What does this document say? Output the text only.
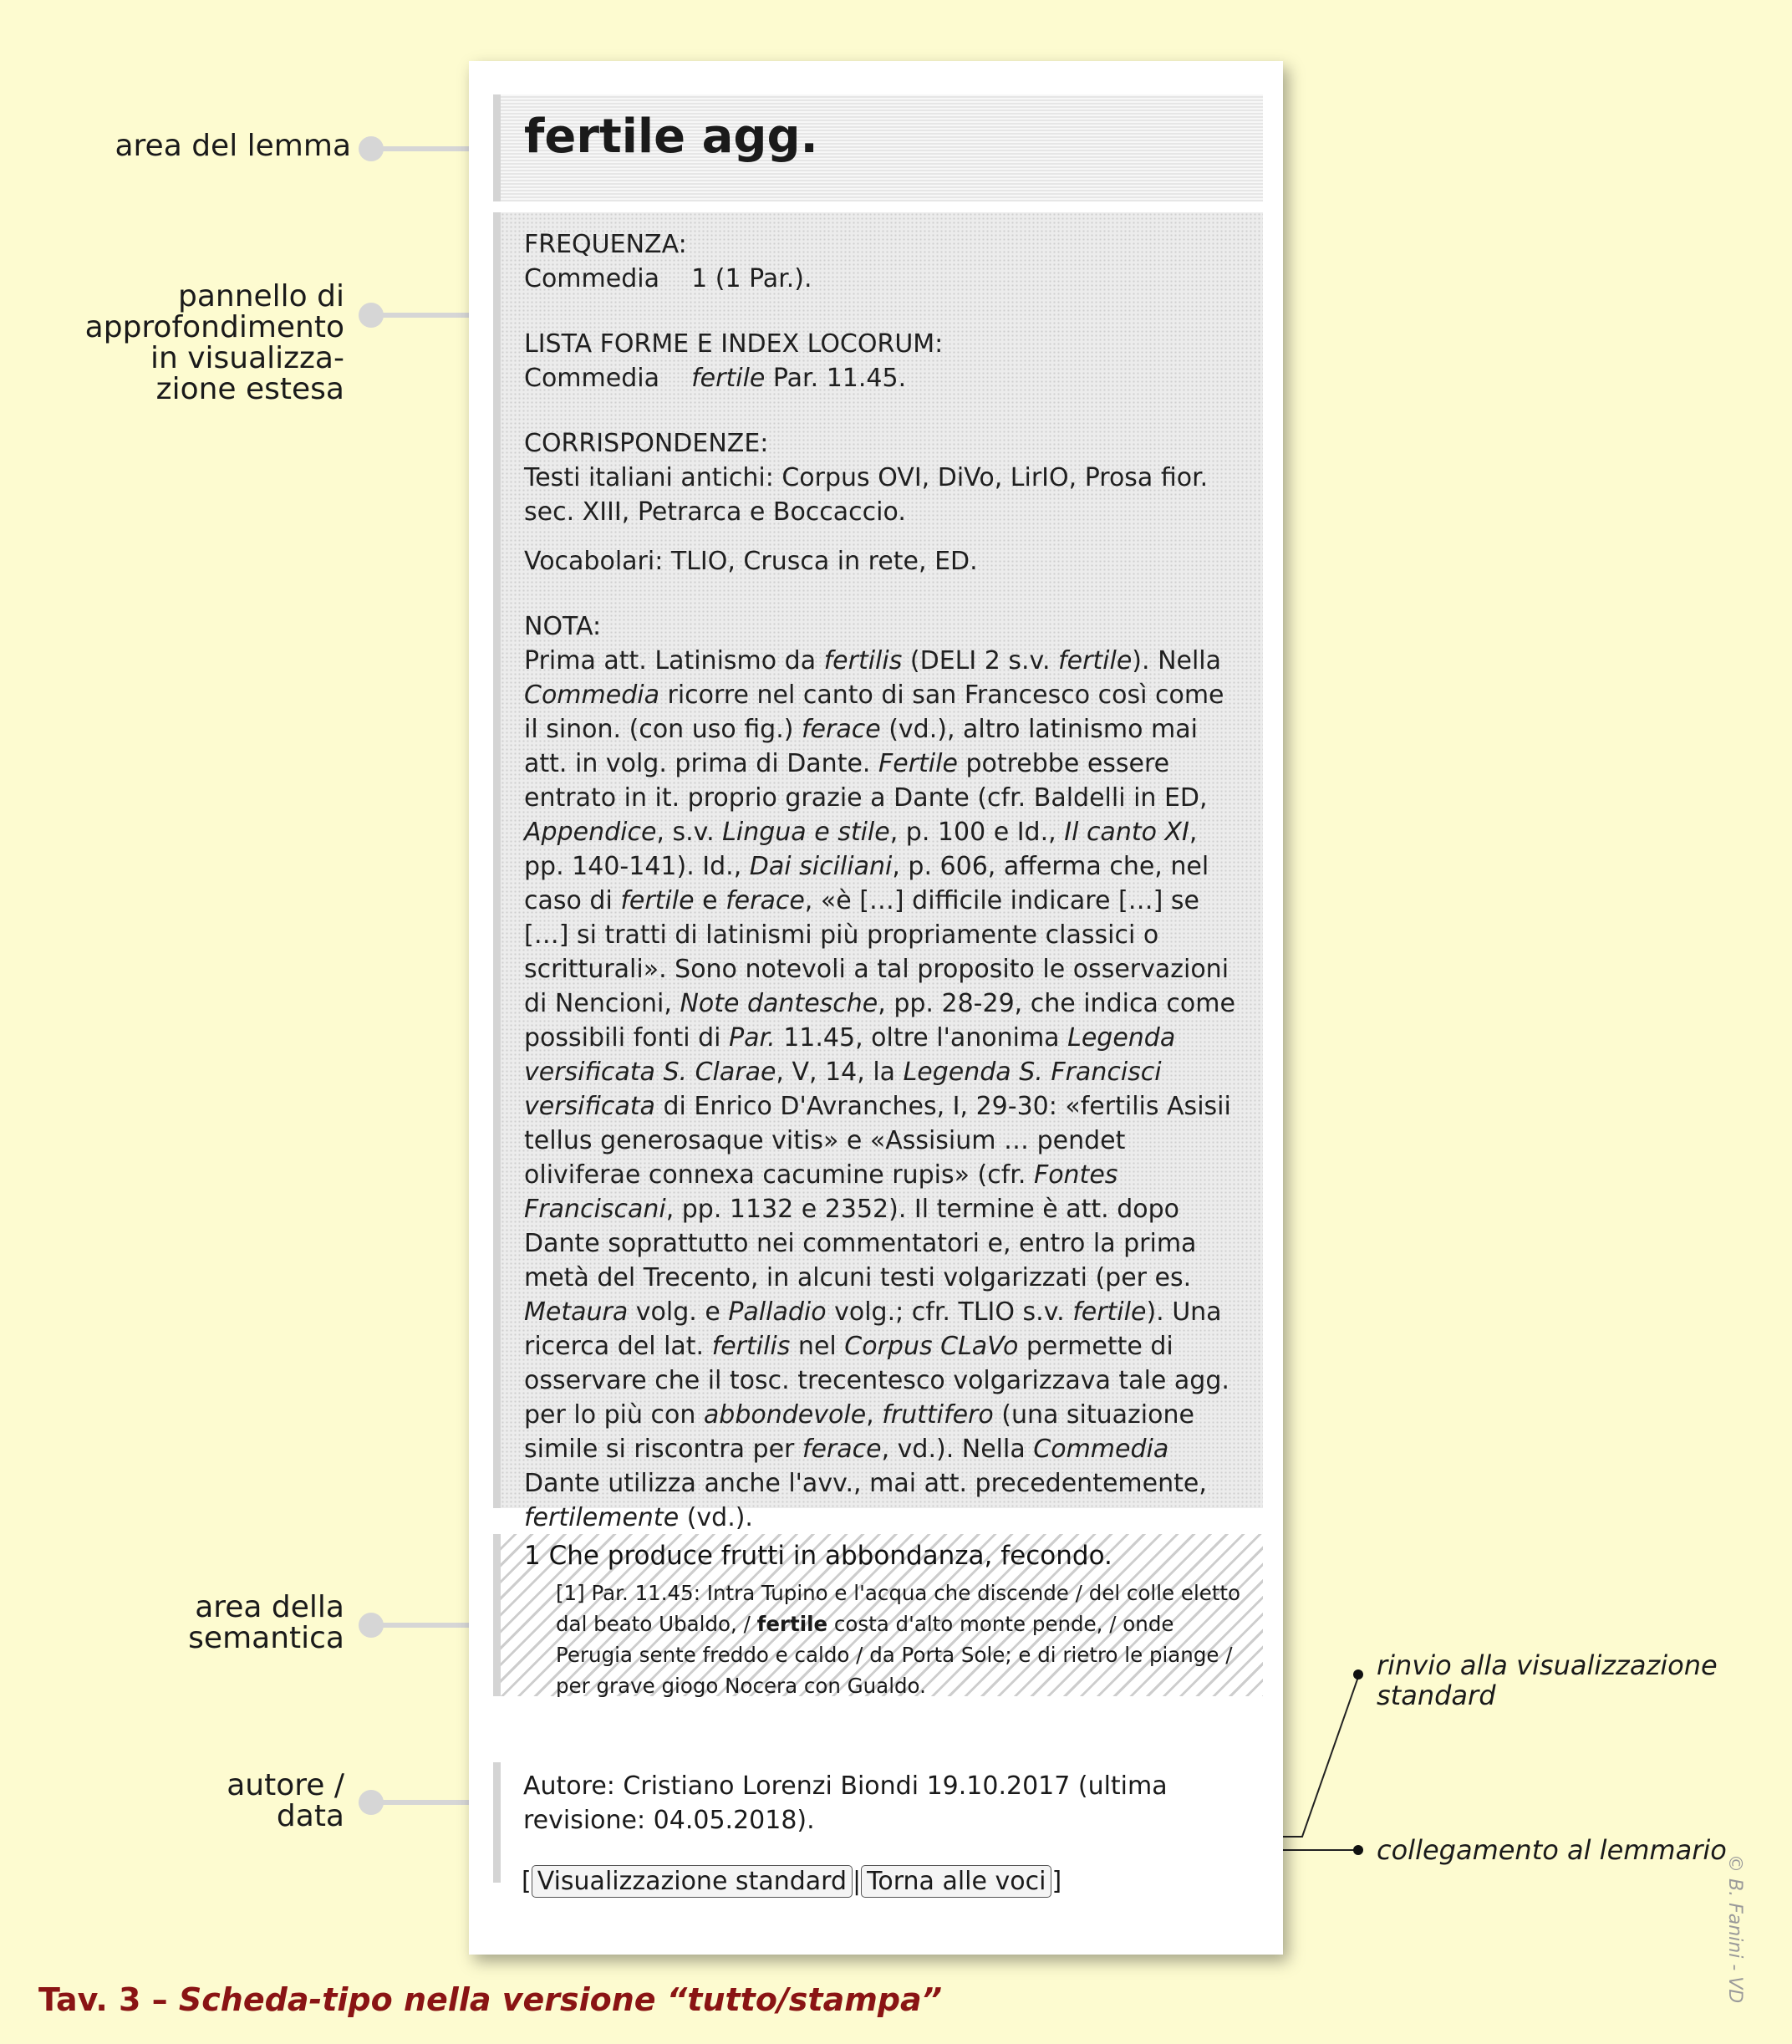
area del lemma
pannello di
approfondimento
in visualizza-
zione estesa
area della
semantica
autore /
data
rinvio alla visualizzazione
standard
collegamento al lemmario
fertile agg.
FREQUENZA:
Commedia    1 (1 Par.).
LISTA FORME E INDEX LOCORUM:
Commedia    fertile Par. 11.45.
CORRISPONDENZE:
Testi italiani antichi: Corpus OVI, DiVo, LirIO, Prosa fior. sec. XIII, Petrarca e Boccaccio.
Vocabolari: TLIO, Crusca in rete, ED.
NOTA:
Prima att. Latinismo da fertilis (DELI 2 s.v. fertile). Nella Commedia ricorre nel canto di san Francesco così come il sinon. (con uso fig.) ferace (vd.), altro latinismo mai att. in volg. prima di Dante. Fertile potrebbe essere entrato in it. proprio grazie a Dante (cfr. Baldelli in ED, Appendice, s.v. Lingua e stile, p. 100 e Id., Il canto XI, pp. 140-141). Id., Dai siciliani, p. 606, afferma che, nel caso di fertile e ferace, «è […] difficile indicare […] se […] si tratti di latinismi più propriamente classici o scritturali». Sono notevoli a tal proposito le osservazioni di Nencioni, Note dantesche, pp. 28-29, che indica come possibili fonti di Par. 11.45, oltre l'anonima Legenda versificata S. Clarae, V, 14, la Legenda S. Francisci versificata di Enrico D'Avranches, I, 29-30: «fertilis Asisii tellus generosaque vitis» e «Assisium … pendet oliviferae connexa cacumine rupis» (cfr. Fontes Franciscani, pp. 1132 e 2352). Il termine è att. dopo Dante soprattutto nei commentatori e, entro la prima metà del Trecento, in alcuni testi volgarizzati (per es. Metaura volg. e Palladio volg.; cfr. TLIO s.v. fertile). Una ricerca del lat. fertilis nel Corpus CLaVo permette di osservare che il tosc. trecentesco volgarizzava tale agg. per lo più con abbondevole, fruttifero (una situazione simile si riscontra per ferace, vd.). Nella Commedia Dante utilizza anche l'avv., mai att. precedentemente, fertilemente (vd.).
1 Che produce frutti in abbondanza, fecondo.
[1] Par. 11.45: Intra Tupino e l'acqua che discende / del colle eletto dal beato Ubaldo, / fertile costa d'alto monte pende, / onde Perugia sente freddo e caldo / da Porta Sole; e di rietro le piange / per grave giogo Nocera con Gualdo.
Autore: Cristiano Lorenzi Biondi 19.10.2017 (ultima revisione: 04.05.2018).
[ Visualizzazione standard | Torna alle voci ]
Tav. 3 – Scheda-tipo nella versione “tutto/stampa”	© B. Fanini - VD
